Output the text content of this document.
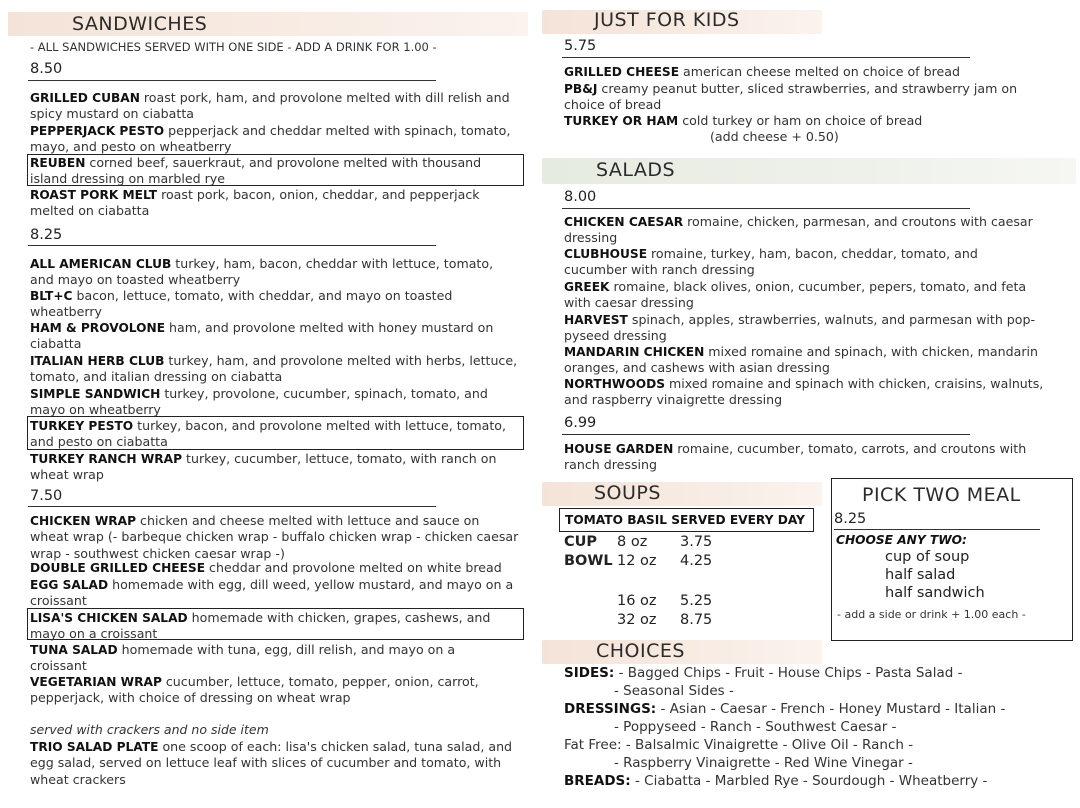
SANDWICHES
- ALL SANDWICHES SERVED WITH ONE SIDE - ADD A DRINK FOR 1.00 -
8.50
GRILLED CUBAN roast pork, ham, and provolone melted with dill relish and spicy mustard on ciabatta
PEPPERJACK PESTO pepperjack and cheddar melted with spinach, tomato, mayo, and pesto on wheatberry
REUBEN corned beef, sauerkraut, and provolone melted with thousand island dressing on marbled rye
ROAST PORK MELT roast pork, bacon, onion, cheddar, and pepperjack melted on ciabatta
8.25
ALL AMERICAN CLUB turkey, ham, bacon, cheddar with lettuce, tomato, and mayo on toasted wheatberry
BLT+C bacon, lettuce, tomato, with cheddar, and mayo on toasted wheatberry
HAM & PROVOLONE ham, and provolone melted with honey mustard on ciabatta
ITALIAN HERB CLUB turkey, ham, and provolone melted with herbs, lettuce, tomato, and italian dressing on ciabatta
SIMPLE SANDWICH turkey, provolone, cucumber, spinach, tomato, and mayo on wheatberry
TURKEY PESTO turkey, bacon, and provolone melted with lettuce, tomato, and pesto on ciabatta
TURKEY RANCH WRAP turkey, cucumber, lettuce, tomato, with ranch on wheat wrap
7.50
CHICKEN WRAP chicken and cheese melted with lettuce and sauce on wheat wrap (- barbeque chicken wrap - buffalo chicken wrap - chicken caesar wrap - southwest chicken caesar wrap -)
DOUBLE GRILLED CHEESE cheddar and provolone melted on white bread
EGG SALAD homemade with egg, dill weed, yellow mustard, and mayo on a croissant
LISA'S CHICKEN SALAD homemade with chicken, grapes, cashews, and mayo on a croissant
TUNA SALAD homemade with tuna, egg, dill relish, and mayo on a croissant
VEGETARIAN WRAP cucumber, lettuce, tomato, pepper, onion, carrot, pepperjack, with choice of dressing on wheat wrap
served with crackers and no side item
TRIO SALAD PLATE one scoop of each: lisa's chicken salad, tuna salad, and egg salad, served on lettuce leaf with slices of cucumber and tomato, with wheat crackers
JUST FOR KIDS
5.75
GRILLED CHEESE american cheese melted on choice of bread
PB&J creamy peanut butter, sliced strawberries, and strawberry jam on choice of bread
TURKEY OR HAM cold turkey or ham on choice of bread
(add cheese + 0.50)
SALADS
8.00
CHICKEN CAESAR romaine, chicken, parmesan, and croutons with caesar dressing
CLUBHOUSE romaine, turkey, ham, bacon, cheddar, tomato, and cucumber with ranch dressing
GREEK romaine, black olives, onion, cucumber, pepers, tomato, and feta with caesar dressing
HARVEST spinach, apples, strawberries, walnuts, and parmesan with pop-pyseed dressing
MANDARIN CHICKEN mixed romaine and spinach, with chicken, mandarin oranges, and cashews with asian dressing
NORTHWOODS mixed romaine and spinach with chicken, craisins, walnuts, and raspberry vinaigrette dressing
6.99
HOUSE GARDEN romaine, cucumber, tomato, carrots, and croutons with ranch dressing
SOUPS
TOMATO BASIL SERVED EVERY DAY
CUP 8 oz 3.75
BOWL 12 oz 4.25
16 oz 5.25
32 oz 8.75
PICK TWO MEAL
8.25
CHOOSE ANY TWO:
cup of soup
half salad
half sandwich
- add a side or drink + 1.00 each -
CHOICES
SIDES: - Bagged Chips - Fruit - House Chips - Pasta Salad -
- Seasonal Sides -
DRESSINGS: - Asian - Caesar - French - Honey Mustard - Italian -
- Poppyseed - Ranch - Southwest Caesar -
Fat Free: - Balsalmic Vinaigrette - Olive Oil - Ranch -
- Raspberry Vinaigrette - Red Wine Vinegar -
BREADS: - Ciabatta - Marbled Rye - Sourdough - Wheatberry -
